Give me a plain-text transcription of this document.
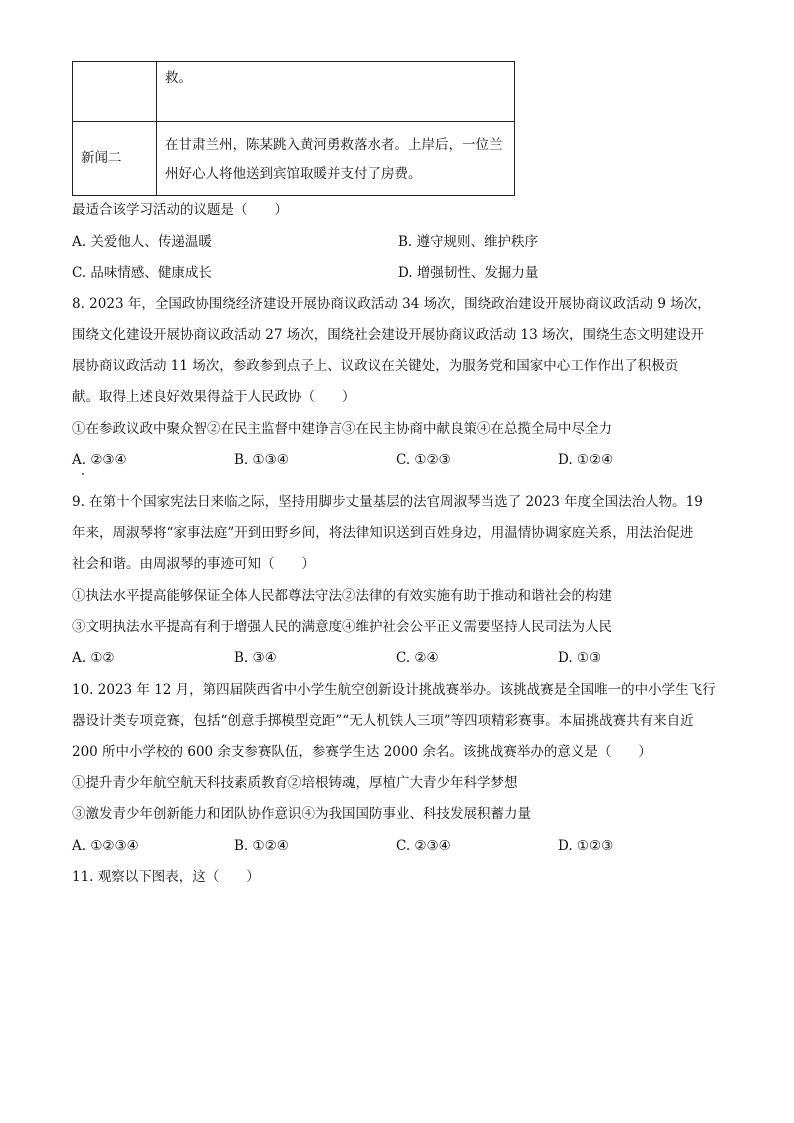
	救。
新闻二	在甘肃兰州，陈某跳入黄河勇救落水者。上岸后，一位兰
州好心人将他送到宾馆取暖并支付了房费。
最适合该学习活动的议题是（　　）
A. 关爱他人、传递温暖	B. 遵守规则、维护秩序
C. 品味情感、健康成长	D. 增强韧性、发掘力量
8. 2023 年，全国政协围绕经济建设开展协商议政活动 34 场次，围绕政治建设开展协商议政活动 9 场次，
围绕文化建设开展协商议政活动 27 场次，围绕社会建设开展协商议政活动 13 场次，围绕生态文明建设开
展协商议政活动 11 场次，参政参到点子上、议政议在关键处，为服务党和国家中心工作作出了积极贡
献。取得上述良好效果得益于人民政协（　　）
①在参政议政中聚众智②在民主监督中建诤言③在民主协商中献良策④在总揽全局中尽全力
A. ②③④	B. ①③④	C. ①②③	D. ①②④
9. 在第十个国家宪法日来临之际，坚持用脚步丈量基层的法官周淑琴当选了 2023 年度全国法治人物。19
年来，周淑琴将“家事法庭”开到田野乡间，将法律知识送到百姓身边，用温情协调家庭关系，用法治促进
社会和谐。由周淑琴的事迹可知（　　）
①执法水平提高能够保证全体人民都尊法守法②法律的有效实施有助于推动和谐社会的构建
③文明执法水平提高有利于增强人民的满意度④维护社会公平正义需要坚持人民司法为人民
A. ①②	B. ③④	C. ②④	D. ①③
10. 2023 年 12 月，第四届陕西省中小学生航空创新设计挑战赛举办。该挑战赛是全国唯一的中小学生飞行
器设计类专项竞赛，包括“创意手掷模型竞距”“无人机铁人三项”等四项精彩赛事。本届挑战赛共有来自近
200 所中小学校的 600 余支参赛队伍，参赛学生达 2000 余名。该挑战赛举办的意义是（　　）
①提升青少年航空航天科技素质教育②培根铸魂，厚植广大青少年科学梦想
③激发青少年创新能力和团队协作意识④为我国国防事业、科技发展积蓄力量
A. ①②③④	B. ①②④	C. ②③④	D. ①②③
11. 观察以下图表，这（　　）
